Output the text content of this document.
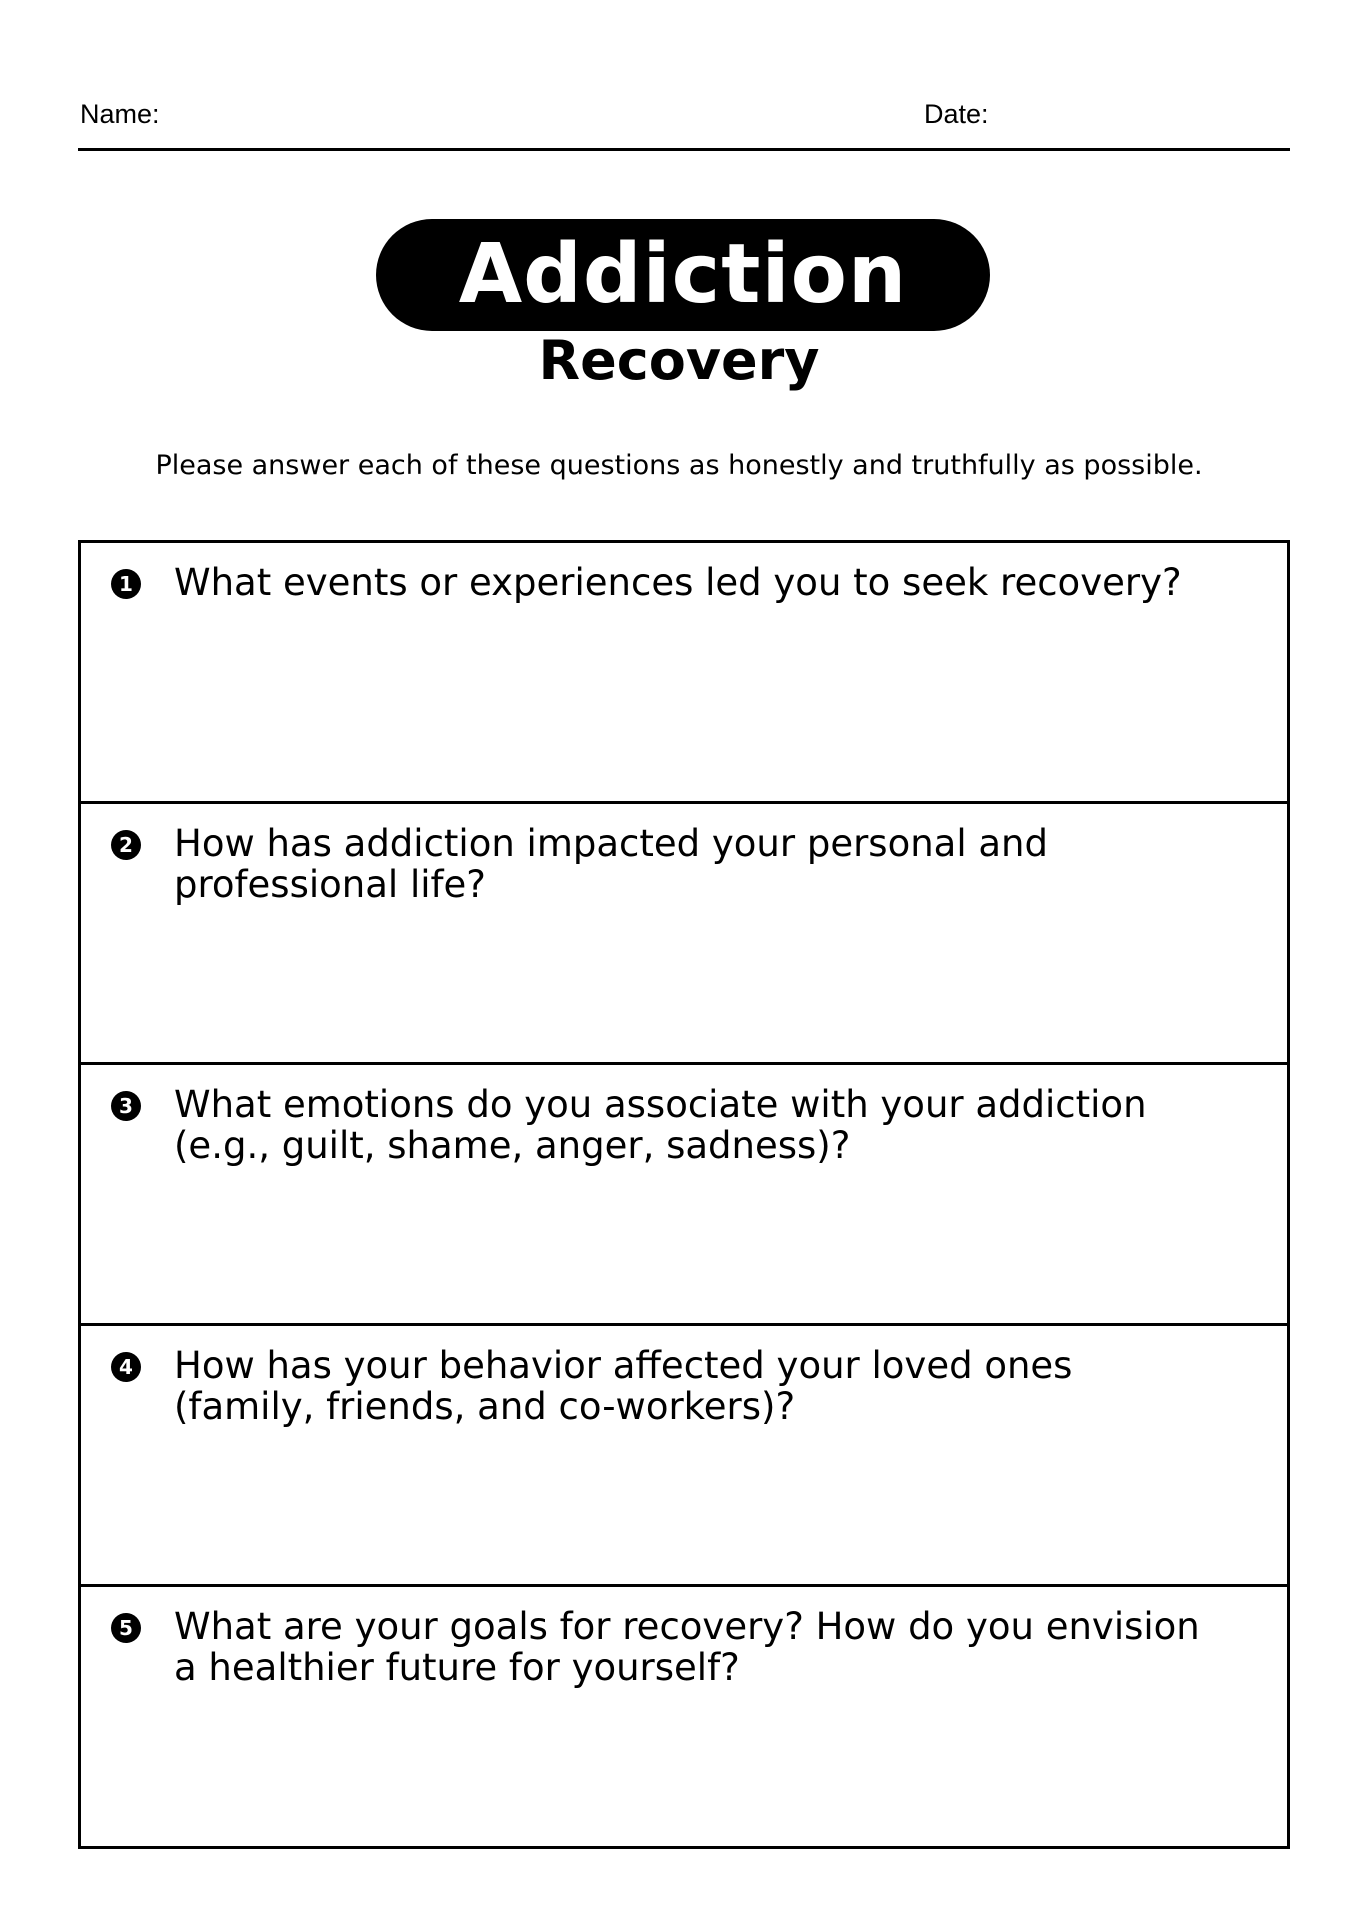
Name:	Date:
Addiction
Recovery
Please answer each of these questions as honestly and truthfully as possible.
1 What events or experiences led you to seek recovery?
2 How has addiction impacted your personal and
professional life?
3 What emotions do you associate with your addiction
(e.g., guilt, shame, anger, sadness)?
4 How has your behavior affected your loved ones
(family, friends, and co-workers)?
5 What are your goals for recovery? How do you envision
a healthier future for yourself?
